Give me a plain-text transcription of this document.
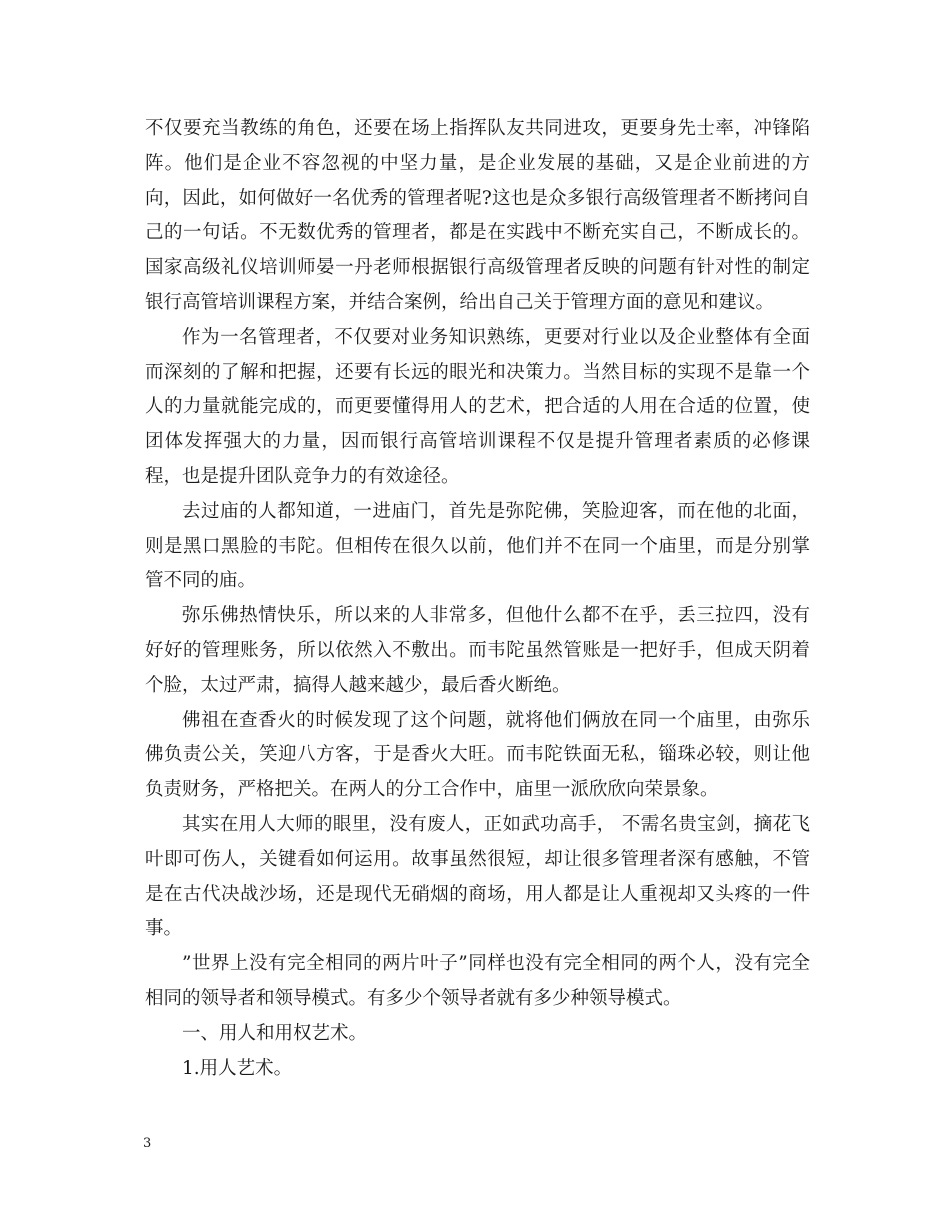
不仅要充当教练的角色，还要在场上指挥队友共同进攻，更要身先士率，冲锋陷阵。他们是企业不容忽视的中坚力量，是企业发展的基础，又是企业前进的方向，因此，如何做好一名优秀的管理者呢?这也是众多银行高级管理者不断拷问自己的一句话。不无数优秀的管理者，都是在实践中不断充实自己，不断成长的。国家高级礼仪培训师晏一丹老师根据银行高级管理者反映的问题有针对性的制定银行高管培训课程方案，并结合案例，给出自己关于管理方面的意见和建议。

作为一名管理者，不仅要对业务知识熟练，更要对行业以及企业整体有全面而深刻的了解和把握，还要有长远的眼光和决策力。当然目标的实现不是靠一个人的力量就能完成的，而更要懂得用人的艺术，把合适的人用在合适的位置，使团体发挥强大的力量，因而银行高管培训课程不仅是提升管理者素质的必修课程，也是提升团队竞争力的有效途径。

去过庙的人都知道，一进庙门，首先是弥陀佛，笑脸迎客，而在他的北面，则是黑口黑脸的韦陀。但相传在很久以前，他们并不在同一个庙里，而是分别掌管不同的庙。

弥乐佛热情快乐，所以来的人非常多，但他什么都不在乎，丢三拉四，没有好好的管理账务，所以依然入不敷出。而韦陀虽然管账是一把好手，但成天阴着个脸，太过严肃，搞得人越来越少，最后香火断绝。

佛祖在查香火的时候发现了这个问题，就将他们俩放在同一个庙里，由弥乐佛负责公关，笑迎八方客，于是香火大旺。而韦陀铁面无私，锱珠必较，则让他负责财务，严格把关。在两人的分工合作中，庙里一派欣欣向荣景象。

其实在用人大师的眼里，没有废人，正如武功高手， 不需名贵宝剑，摘花飞叶即可伤人，关键看如何运用。故事虽然很短，却让很多管理者深有感触，不管是在古代决战沙场，还是现代无硝烟的商场，用人都是让人重视却又头疼的一件事。

”世界上没有完全相同的两片叶子”同样也没有完全相同的两个人，没有完全相同的领导者和领导模式。有多少个领导者就有多少种领导模式。

一、用人和用权艺术。

1.用人艺术。

3
